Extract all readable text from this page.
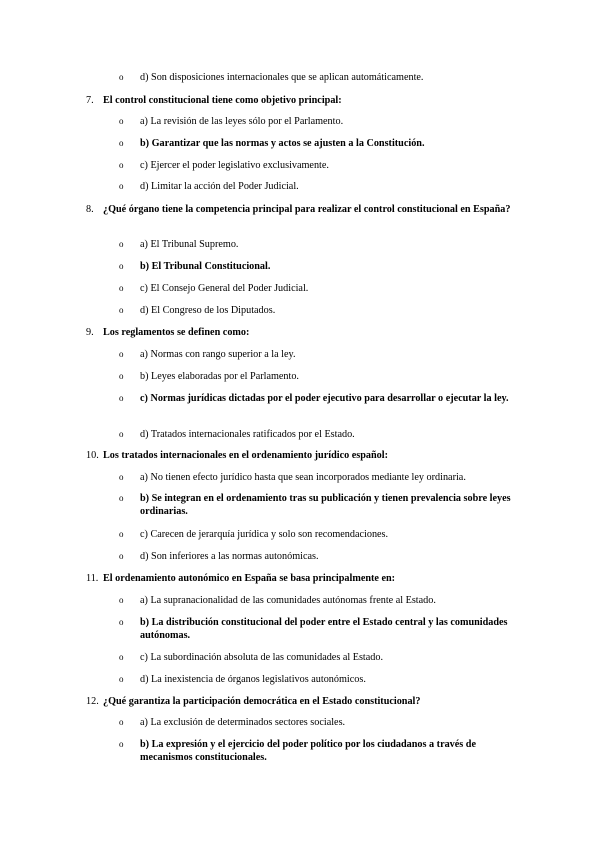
o d) Son disposiciones internacionales que se aplican automáticamente.
7. El control constitucional tiene como objetivo principal:
o a) La revisión de las leyes sólo por el Parlamento.
o b) Garantizar que las normas y actos se ajusten a la Constitución.
o c) Ejercer el poder legislativo exclusivamente.
o d) Limitar la acción del Poder Judicial.
8. ¿Qué órgano tiene la competencia principal para realizar el control constitucional en España?
o a) El Tribunal Supremo.
o b) El Tribunal Constitucional.
o c) El Consejo General del Poder Judicial.
o d) El Congreso de los Diputados.
9. Los reglamentos se definen como:
o a) Normas con rango superior a la ley.
o b) Leyes elaboradas por el Parlamento.
o c) Normas jurídicas dictadas por el poder ejecutivo para desarrollar o ejecutar la ley.
o d) Tratados internacionales ratificados por el Estado.
10. Los tratados internacionales en el ordenamiento jurídico español:
o a) No tienen efecto jurídico hasta que sean incorporados mediante ley ordinaria.
o b) Se integran en el ordenamiento tras su publicación y tienen prevalencia sobre leyes ordinarias.
o c) Carecen de jerarquía jurídica y solo son recomendaciones.
o d) Son inferiores a las normas autonómicas.
11. El ordenamiento autonómico en España se basa principalmente en:
o a) La supranacionalidad de las comunidades autónomas frente al Estado.
o b) La distribución constitucional del poder entre el Estado central y las comunidades autónomas.
o c) La subordinación absoluta de las comunidades al Estado.
o d) La inexistencia de órganos legislativos autonómicos.
12. ¿Qué garantiza la participación democrática en el Estado constitucional?
o a) La exclusión de determinados sectores sociales.
o b) La expresión y el ejercicio del poder político por los ciudadanos a través de mecanismos constitucionales.
